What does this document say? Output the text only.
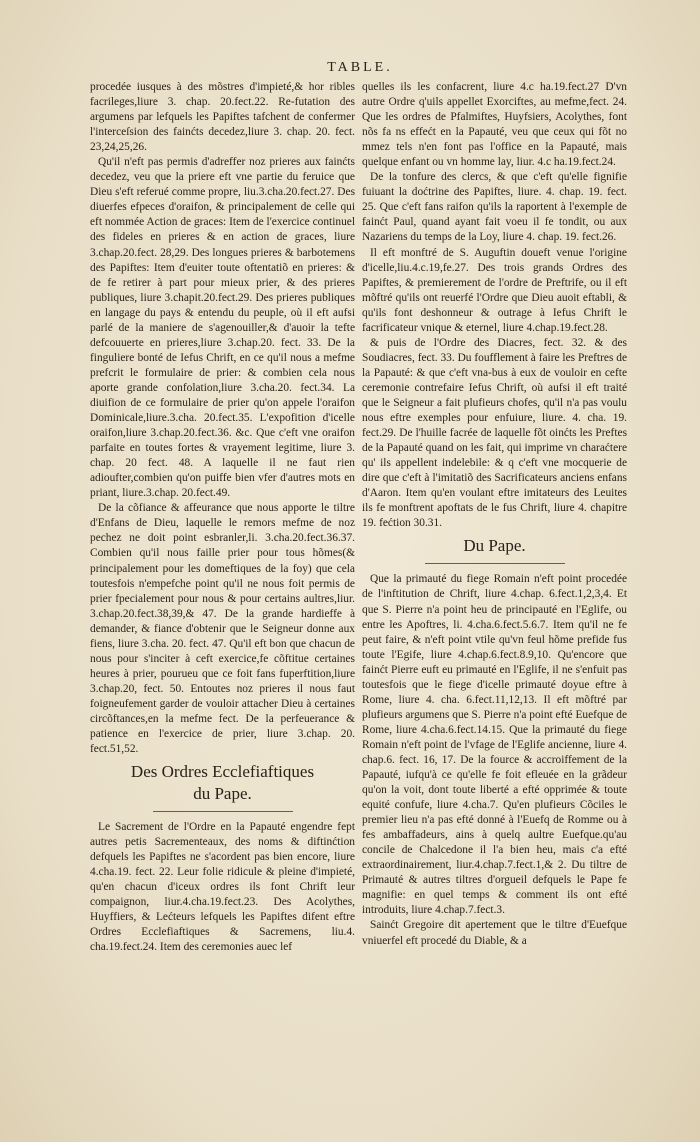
TABLE.

procedée iusques à des mõstres d'impieté,& hor ribles facrileges,liure 3. chap. 20.fect.22. Re-futation des argumens par lefquels les Papiftes tafchent de confermer l'interceſsion des fainćts decedez,liure 3. chap. 20. fect. 23,24,25,26.

Qu'il n'eft pas permis d'adreffer noz prieres aux fainćts decedez, veu que la priere eft vne partie du feruice que Dieu s'eft referué comme propre, liu.3.cha.20.fect.27. Des diuerfes efpeces d'oraifon, & principalement de celle qui eft nommée Action de graces: Item de l'exercice continuel des fideles en prieres & en action de graces, liure 3.chap.20.fect. 28,29. Des longues prieres & barbotemens des Papiftes: Item d'euiter toute oftentatiõ en prieres: & de fe retirer à part pour mieux prier, & des prieres publiques, liure 3.chapit.20.fect.29. Des prieres publiques en langage du pays & entendu du peuple, où il eft aufsi parlé de la maniere de s'agenouiller,& d'auoir la tefte defcouuerte en prieres,liure 3.chap.20. fect. 33. De la finguliere bonté de Iefus Chrift, en ce qu'il nous a mefme prefcrit le formulaire de prier: & combien cela nous aporte grande confolation,liure 3.cha.20. fect.34. La diuifion de ce formulaire de prier qu'on appele l'oraifon Dominicale,liure.3.cha. 20.fect.35. L'expofition d'icelle oraifon,liure 3.chap.20.fect.36. &c. Que c'eft vne oraifon parfaite en toutes fortes & vrayement legitime, liure 3. chap. 20 fect. 48. A laquelle il ne faut rien adioufter,combien qu'on puiffe bien vfer d'autres mots en priant, liure.3.chap. 20.fect.49.

De la cõfiance & affeurance que nous apporte le tiltre d'Enfans de Dieu, laquelle le remors mefme de noz pechez ne doit point esbranler,li. 3.cha.20.fect.36.37. Combien qu'il nous faille prier pour tous hõmes(& principalement pour les domeftiques de la foy) que cela toutesfois n'empefche point qu'il ne nous foit permis de prier fpecialement pour nous & pour certains aultres,liur. 3.chap.20.fect.38,39,& 47. De la grande hardieffe à demander, & fiance d'obtenir que le Seigneur donne aux fiens, liure 3.cha. 20. fect. 47. Qu'il eft bon que chacun de nous pour s'inciter à ceft exercice,fe cõftitue certaines heures à prier, pourueu que ce foit fans fuperftition,liure 3.chap.20, fect. 50. Entoutes noz prieres il nous faut foigneufement garder de vouloir attacher Dieu à certaines circõftances,en la mefme fect. De la perfeuerance & patience en l'exercice de prier, liure 3.chap. 20. fect.51,52.

Des Ordres Ecclefiaftiques
du Pape.

Le Sacrement de l'Ordre en la Papauté engendre fept autres petis Sacrementeaux, des noms & diftinćtion defquels les Papiftes ne s'acordent pas bien encore, liure 4.cha.19. fect. 22. Leur folie ridicule & pleine d'impieté, qu'en chacun d'iceux ordres ils font Chrift leur compaignon, liur.4.cha.19.fect.23. Des Acolythes, Huyffiers, & Lećteurs lefquels les Papiftes difent eftre Ordres Ecclefiaftiques & Sacremens, liu.4. cha.19.fect.24. Item des ceremonies auec lef

quelles ils les confacrent, liure 4.c ha.19.fect.27 D'vn autre Ordre q'uils appellet Exorciftes, au mefme,fect. 24. Que les ordres de Pfalmiftes, Huyfsiers, Acolythes, font nõs fa ns effećt en la Papauté, veu que ceux qui fõt no mmez tels n'en font pas l'office en la Papauté, mais quelque enfant ou vn homme lay, liur. 4.c ha.19.fect.24.

De la tonfure des clercs, & que c'eft qu'elle fignifie fuiuant la doćtrine des Papiftes, liure. 4. chap. 19. fect. 25. Que c'eft fans raifon qu'ils la raportent à l'exemple de fainćt Paul, quand ayant fait voeu il fe tondit, ou aux Nazariens du temps de la Loy, liure 4. chap. 19. fect.26.

Il eft monftré de S. Auguftin doueft venue l'origine d'icelle,liu.4.c.19,fe.27. Des trois grands Ordres des Papiftes, & premierement de l'ordre de Preftrife, ou il eft mõftré qu'ils ont reuerfé l'Ordre que Dieu auoit eftabli, & qu'ils font deshonneur & outrage à Iefus Chrift le facrificateur vnique & eternel, liure 4.chap.19.fect.28.

& puis de l'Ordre des Diacres, fect. 32. & des Soudiacres, fect. 33. Du foufflement à faire les Preftres de la Papauté: & que c'eft vna-bus à eux de vouloir en cefte ceremonie contrefaire Iefus Chrift, où aufsi il eft traité que le Seigneur a fait plufieurs chofes, qu'il n'a pas voulu nous eftre exemples pour enfuiure, liure. 4. cha. 19. fect.29. De l'huille facrée de laquelle fõt oinćts les Preftes de la Papauté quand on les fait, qui imprime vn charaćtere qu' ils appellent indelebile: & q c'eft vne mocquerie de dire que c'eft à l'imitatiõ des Sacrificateurs anciens enfans d'Aaron. Item qu'en voulant eftre imitateurs des Leuites ils fe monftrent apoftats de le fus Chrift, liure 4. chapitre 19. fećtion 30.31.

Du Pape.

Que la primauté du fiege Romain n'eft point procedée de l'inftitution de Chrift, liure 4.chap. 6.fect.1,2,3,4. Et que S. Pierre n'a point heu de principauté en l'Eglife, ou entre les Apoftres, li. 4.cha.6.fect.5.6.7. Item qu'il ne fe peut faire, & n'eft point vtile qu'vn feul hõme prefide fus toute l'Egife, liure 4.chap.6.fect.8.9,10. Qu'encore que fainćt Pierre euft eu primauté en l'Eglife, il ne s'enfuit pas toutesfois que le fiege d'icelle primauté doyue eftre à Rome, liure 4. cha. 6.fect.11,12,13. Il eft mõftré par plufieurs argumens que S. Pierre n'a point efté Euefque de Rome, liure 4.cha.6.fect.14.15. Que la primauté du fiege Romain n'eft point de l'vfage de l'Eglife ancienne, liure 4. chap.6. fect. 16, 17. De la fource & accroiffement de la Papauté, iufqu'à ce qu'elle fe foit efleuée en la grãdeur qu'on la voit, dont toute liberté a efté opprimée & toute equité confufe, liure 4.cha.7. Qu'en plufieurs Cõciles le premier lieu n'a pas efté donné à l'Euefq de Romme ou à fes ambaffadeurs, ains à quelq aultre Euefque.qu'au concile de Chalcedone il l'a bien heu, mais c'a efté extraordinairement, liur.4.chap.7.fect.1,& 2. Du tiltre de Primauté & autres tiltres d'orgueil defquels le Pape fe magnifie: en quel temps & comment ils ont efté introduits, liure 4.chap.7.fect.3.

Sainćt Gregoire dit apertement que le tiltre d'Euefque vniuerfel eft procedé du Diable, & a
